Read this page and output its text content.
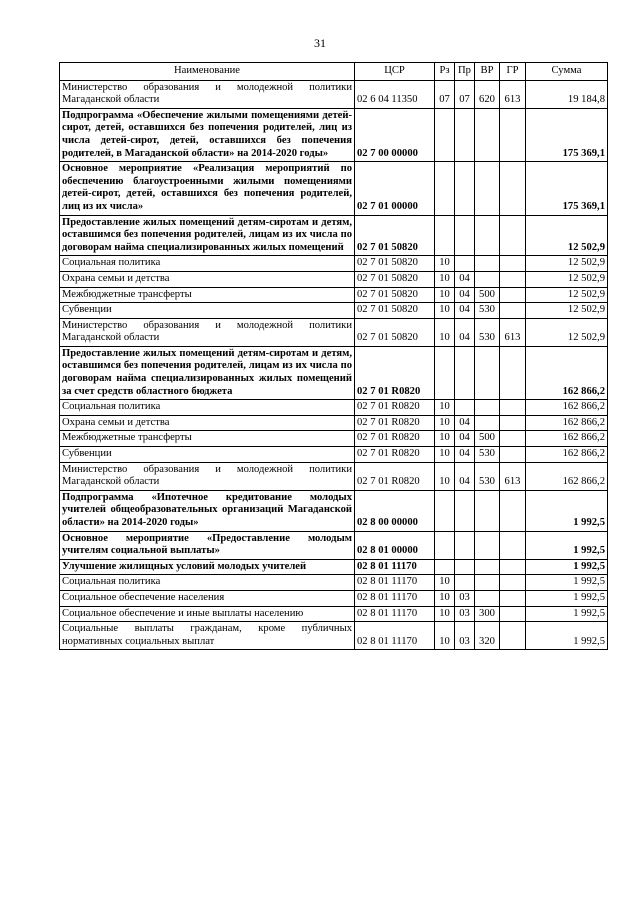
31
Наименование	ЦСР	Рз	Пр	ВР	ГР	Сумма
Министерство образования и молодежной политики Магаданской области	02 6 04 11350	07	07	620	613	19 184,8
Подпрограмма «Обеспечение жилыми помещениями детей-сирот, детей, оставшихся без попечения родителей, лиц из числа детей-сирот, детей, оставшихся без попечения родителей, в Магаданской области» на 2014-2020 годы»	02 7 00 00000					175 369,1
Основное мероприятие «Реализация мероприятий по обеспечению благоустроенными жилыми помещениями детей-сирот, детей, оставшихся без попечения родителей, лиц из их числа»	02 7 01 00000					175 369,1
Предоставление жилых помещений детям-сиротам и детям, оставшимся без попечения родителей, лицам из их числа по договорам найма специализированных жилых помещений	02 7 01 50820					12 502,9
Социальная политика	02 7 01 50820	10				12 502,9
Охрана семьи и детства	02 7 01 50820	10	04			12 502,9
Межбюджетные трансферты	02 7 01 50820	10	04	500		12 502,9
Субвенции	02 7 01 50820	10	04	530		12 502,9
Министерство образования и молодежной политики Магаданской области	02 7 01 50820	10	04	530	613	12 502,9
Предоставление жилых помещений детям-сиротам и детям, оставшимся без попечения родителей, лицам из их числа по договорам найма специализированных жилых помещений за счет средств областного бюджета	02 7 01 R0820					162 866,2
Социальная политика	02 7 01 R0820	10				162 866,2
Охрана семьи и детства	02 7 01 R0820	10	04			162 866,2
Межбюджетные трансферты	02 7 01 R0820	10	04	500		162 866,2
Субвенции	02 7 01 R0820	10	04	530		162 866,2
Министерство образования и молодежной политики Магаданской области	02 7 01 R0820	10	04	530	613	162 866,2
Подпрограмма «Ипотечное кредитование молодых учителей общеобразовательных организаций Магаданской области» на 2014-2020 годы»	02 8 00 00000					1 992,5
Основное мероприятие «Предоставление молодым учителям социальной выплаты»	02 8 01 00000					1 992,5
Улучшение жилищных условий молодых учителей	02 8 01 11170					1 992,5
Социальная политика	02 8 01 11170	10				1 992,5
Социальное обеспечение населения	02 8 01 11170	10	03			1 992,5
Социальное обеспечение и иные выплаты населению	02 8 01 11170	10	03	300		1 992,5
Социальные выплаты гражданам, кроме публичных нормативных социальных выплат	02 8 01 11170	10	03	320		1 992,5
